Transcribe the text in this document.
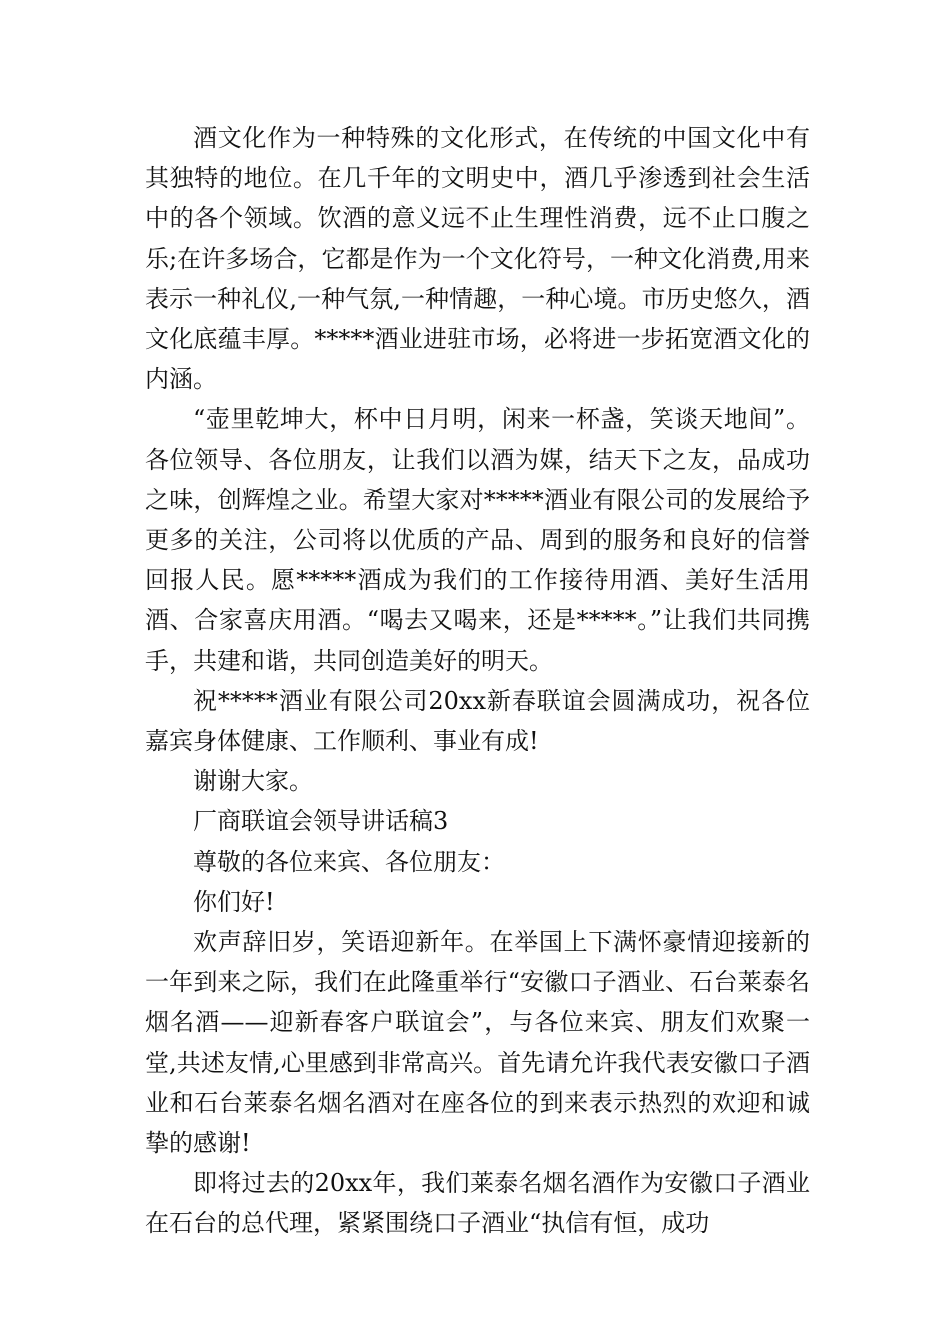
酒文化作为一种特殊的文化形式，在传统的中国文化中有其独特的地位。在几千年的文明史中，酒几乎渗透到社会生活中的各个领域。饮酒的意义远不止生理性消费，远不止口腹之乐;在许多场合，它都是作为一个文化符号，一种文化消费,用来表示一种礼仪,一种气氛,一种情趣，一种心境。市历史悠久，酒文化底蕴丰厚。*****酒业进驻市场，必将进一步拓宽酒文化的内涵。

“壶里乾坤大，杯中日月明，闲来一杯盏，笑谈天地间”。各位领导、各位朋友，让我们以酒为媒，结天下之友，品成功之味，创辉煌之业。希望大家对*****酒业有限公司的发展给予更多的关注，公司将以优质的产品、周到的服务和良好的信誉回报人民。愿*****酒成为我们的工作接待用酒、美好生活用酒、合家喜庆用酒。“喝去又喝来，还是*****。”让我们共同携手，共建和谐，共同创造美好的明天。

祝*****酒业有限公司20xx新春联谊会圆满成功，祝各位嘉宾身体健康、工作顺利、事业有成!

谢谢大家。

厂商联谊会领导讲话稿3

尊敬的各位来宾、各位朋友：

你们好!

欢声辞旧岁，笑语迎新年。在举国上下满怀豪情迎接新的一年到来之际，我们在此隆重举行“安徽口子酒业、石台莱泰名烟名酒——迎新春客户联谊会”，与各位来宾、朋友们欢聚一堂,共述友情,心里感到非常高兴。首先请允许我代表安徽口子酒业和石台莱泰名烟名酒对在座各位的到来表示热烈的欢迎和诚挚的感谢!

即将过去的20xx年，我们莱泰名烟名酒作为安徽口子酒业在石台的总代理，紧紧围绕口子酒业“执信有恒，成功
